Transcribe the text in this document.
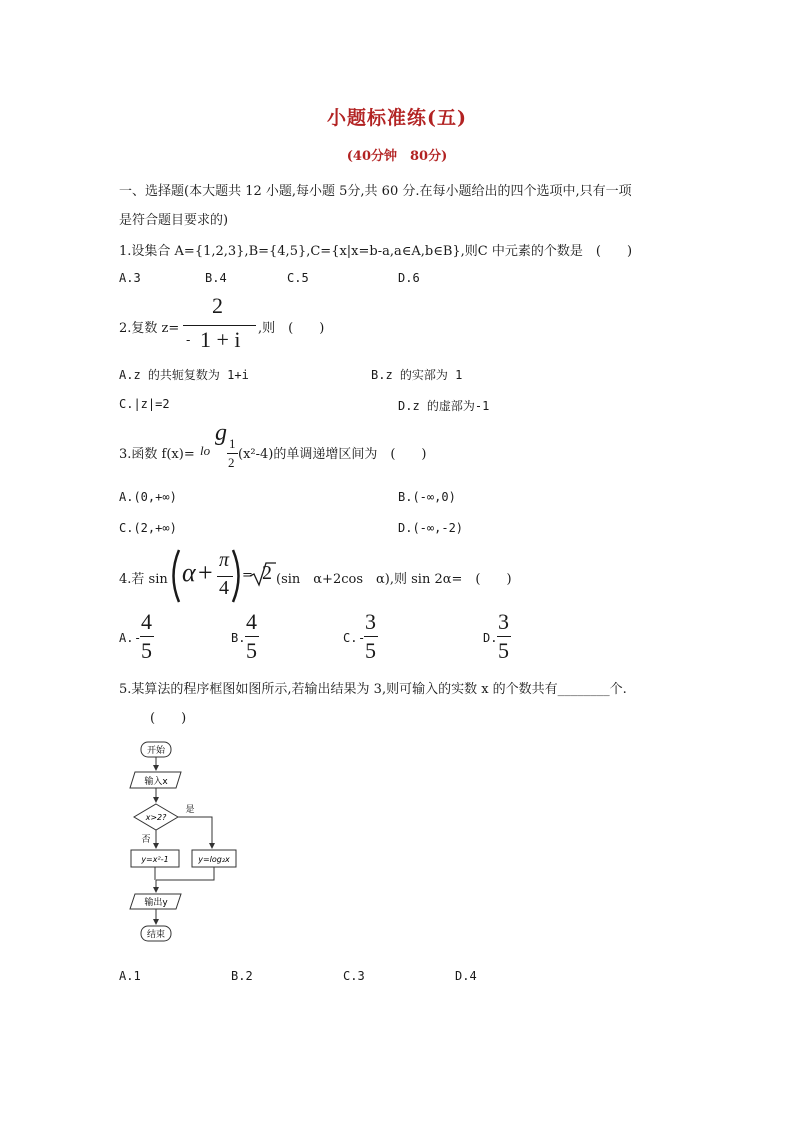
小题标准练(五)
(40分钟　80分)
一、选择题(本大题共 12 小题,每小题 5分,共 60 分.在每小题给出的四个选项中,只有一项
是符合题目要求的)
1.设集合 A={1,2,3},B={4,5},C={x|x=b-a,a∈A,b∈B},则C 中元素的个数是　(　　)
A.3	B.4	C.5	D.6
2.复数 z=
2
- 1 + i ,则　(　　)
A.z 的共轭复数为 1+i	B.z 的实部为 1
C.|z|=2	D.z 的虚部为-1
3.函数 f(x)= lo
g 1
2
(x²-4)的单调递增区间为　(　　)
A.(0,+∞)	B.(-∞,0)
C.(2,+∞)	D.(-∞,-2)
4.若 sin α + π
4
= 2 (sin　α+2cos　α),则 sin 2α=　(　　)
A. -
4
5	B.
4
5	C. -
3
5	D.
3
5
5.某算法的程序框图如图所示,若输出结果为 3,则可输入的实数 x 的个数共有________个.
(　　)
开始
输入x
x>2?
是
否
y=x²-1	y=log₂x
输出y
结束
A.1	B.2	C.3	D.4
